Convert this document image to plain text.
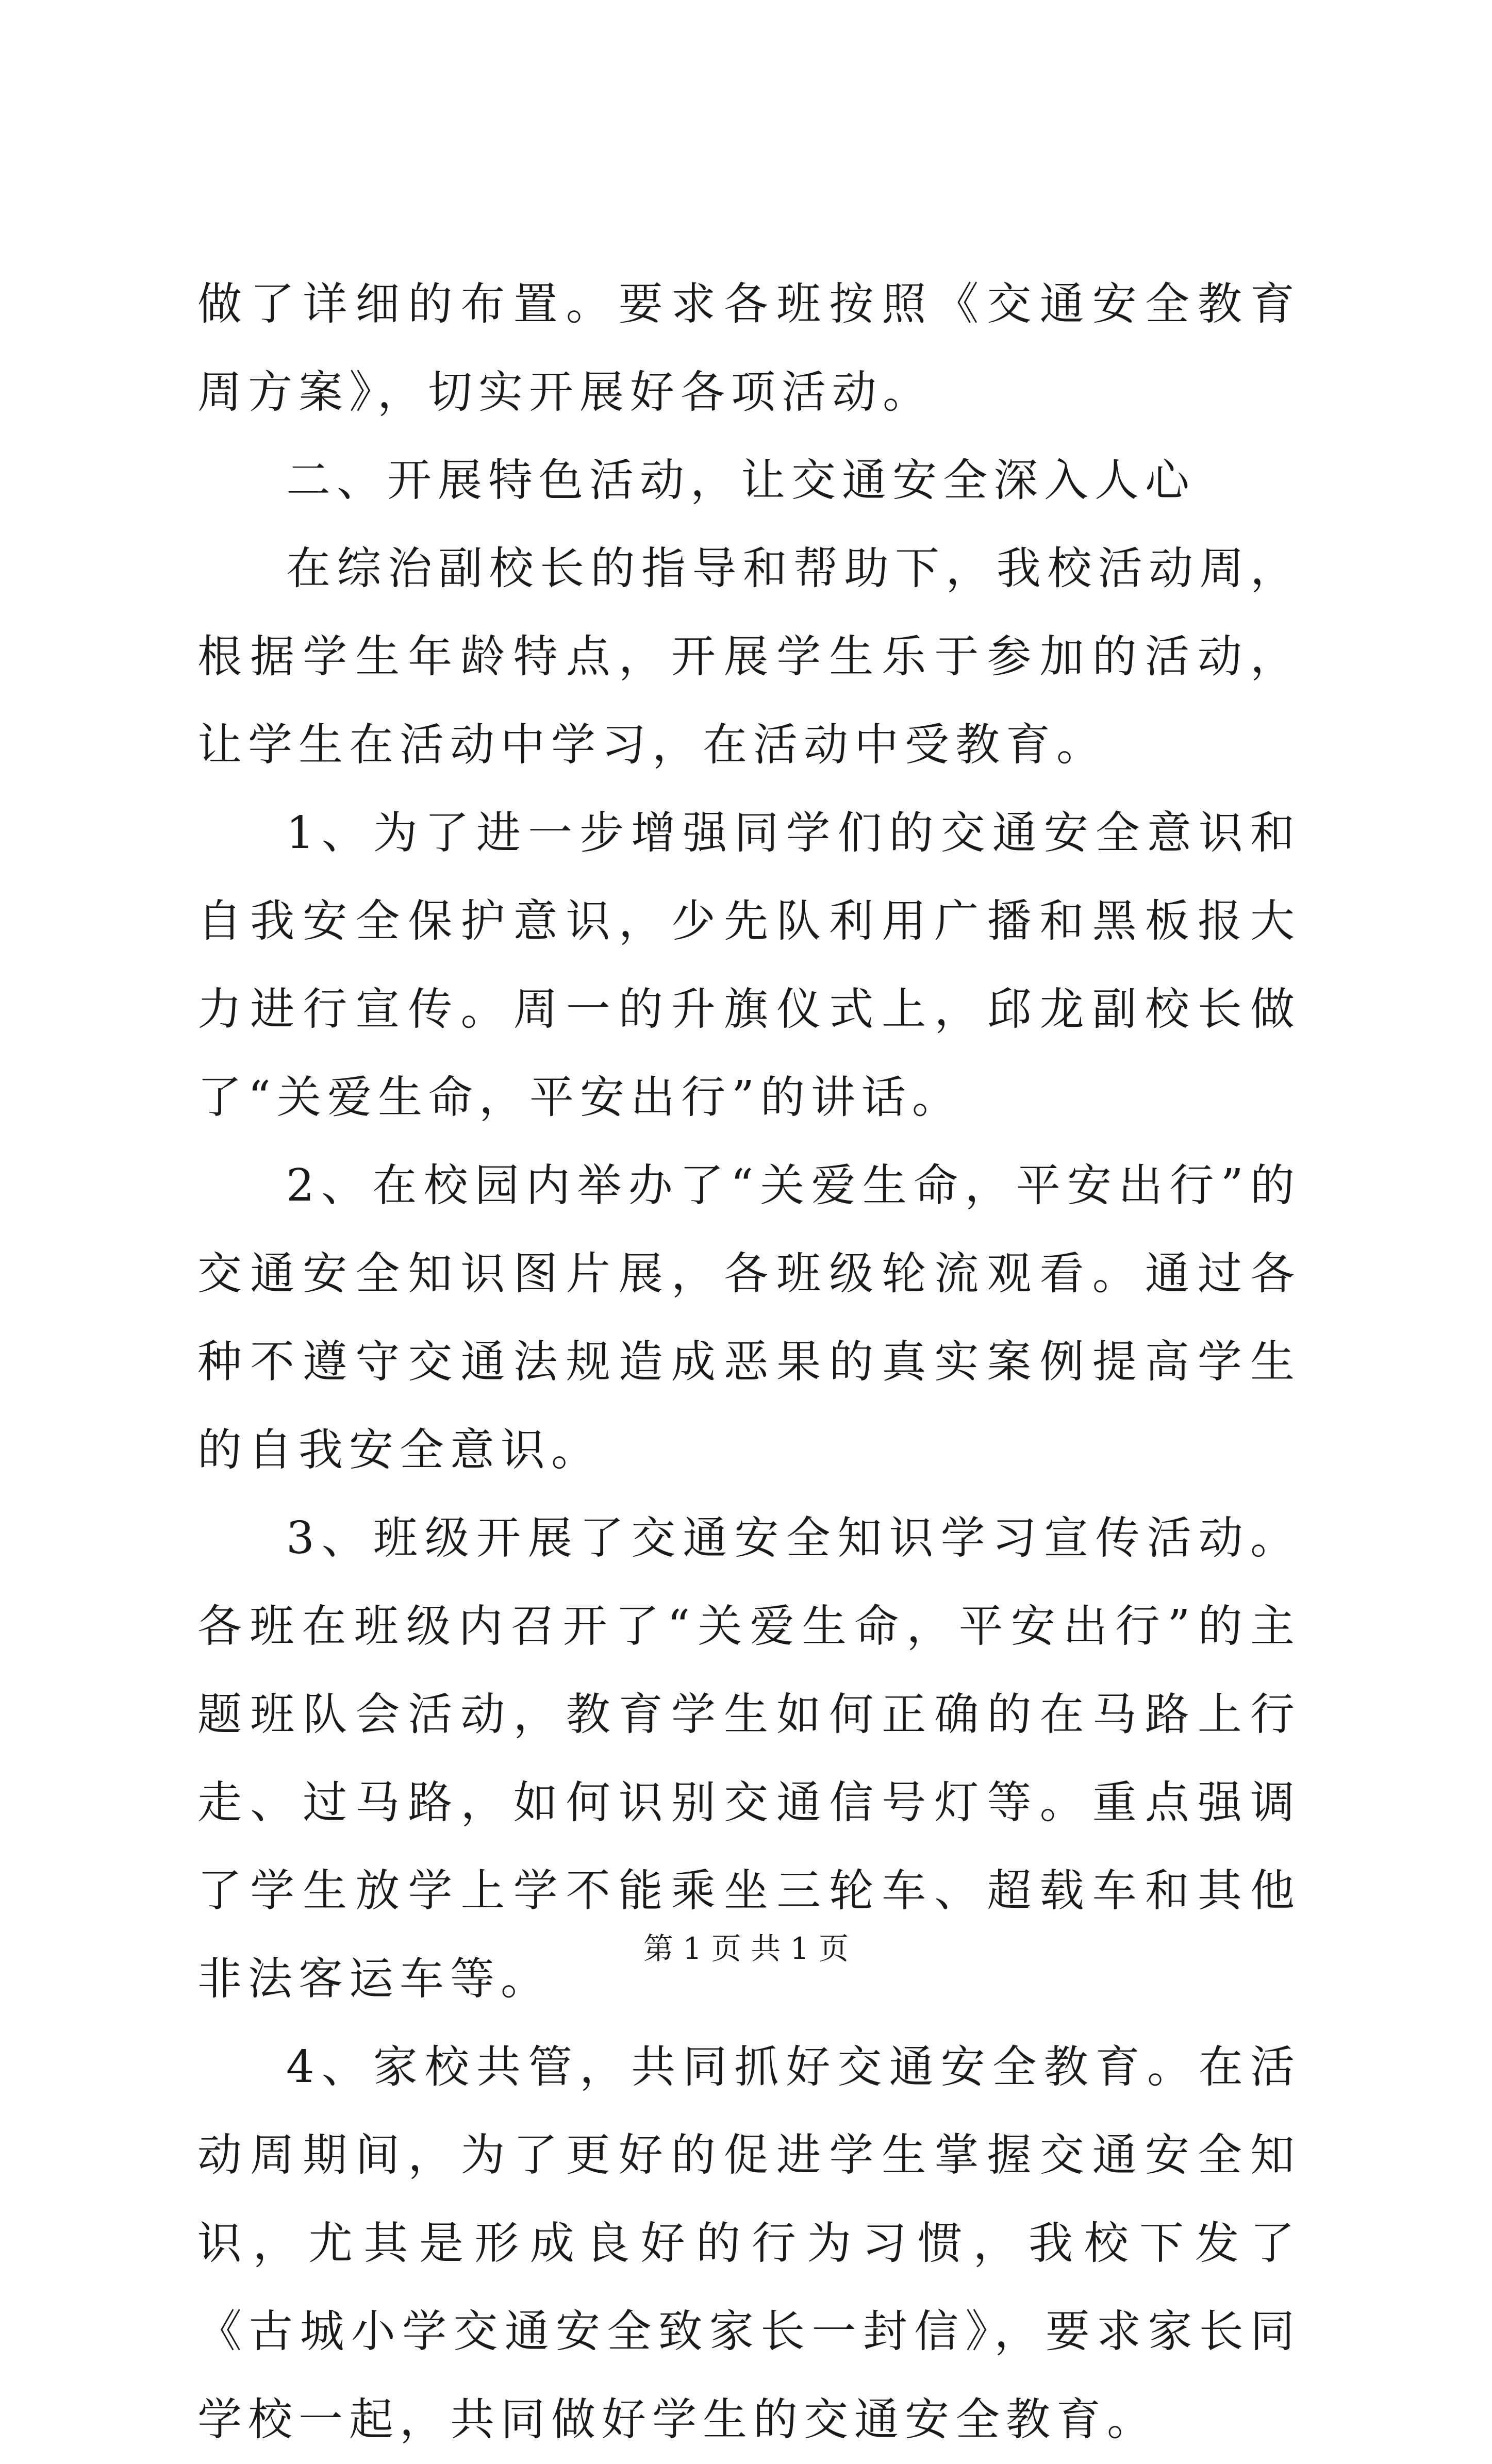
做了详细的布置。要求各班按照《交通安全教育周方案》，切实开展好各项活动。

二、开展特色活动，让交通安全深入人心

在综治副校长的指导和帮助下，我校活动周，根据学生年龄特点，开展学生乐于参加的活动，让学生在活动中学习，在活动中受教育。

1、为了进一步增强同学们的交通安全意识和自我安全保护意识，少先队利用广播和黑板报大力进行宣传。周一的升旗仪式上，邱龙副校长做了“关爱生命，平安出行”的讲话。

2、在校园内举办了“关爱生命，平安出行”的交通安全知识图片展，各班级轮流观看。通过各种不遵守交通法规造成恶果的真实案例提高学生的自我安全意识。

3、班级开展了交通安全知识学习宣传活动。各班在班级内召开了“关爱生命，平安出行”的主题班队会活动，教育学生如何正确的在马路上行走、过马路，如何识别交通信号灯等。重点强调了学生放学上学不能乘坐三轮车、超载车和其他非法客运车等。

4、家校共管，共同抓好交通安全教育。在活动周期间，为了更好的促进学生掌握交通安全知识，尤其是形成良好的行为习惯，我校下发了《古城小学交通安全致家长一封信》，要求家长同学校一起，共同做好学生的交通安全教育。

第 1 页 共 1 页
